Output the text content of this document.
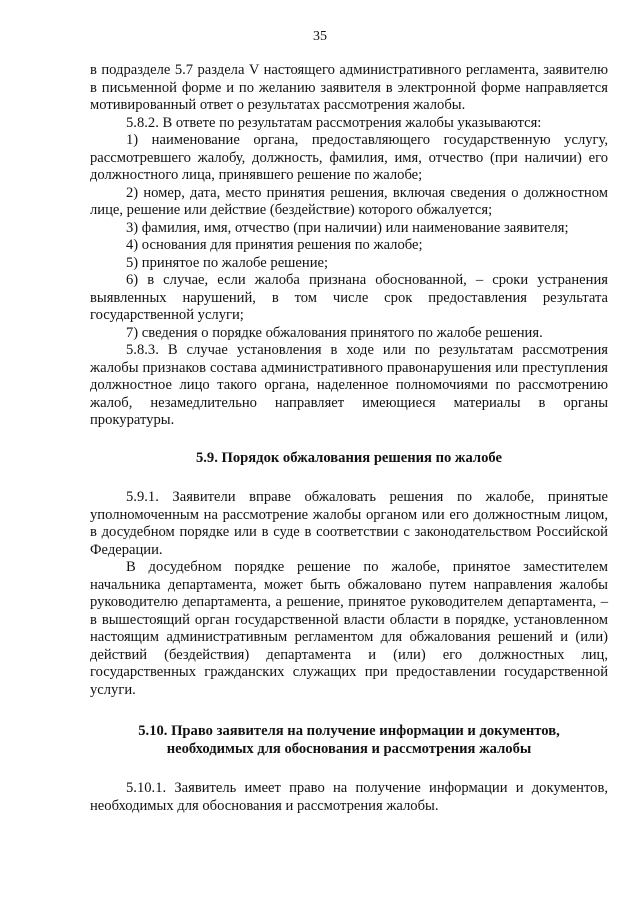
35

в подразделе 5.7 раздела V настоящего административного регламента, заявителю в письменной форме и по желанию заявителя в электронной форме направляется мотивированный ответ о результатах рассмотрения жалобы.

5.8.2. В ответе по результатам рассмотрения жалобы указываются:

1) наименование органа, предоставляющего государственную услугу, рассмотревшего жалобу, должность, фамилия, имя, отчество (при наличии) его должностного лица, принявшего решение по жалобе;

2) номер, дата, место принятия решения, включая сведения о должностном лице, решение или действие (бездействие) которого обжалуется;

3) фамилия, имя, отчество (при наличии) или наименование заявителя;

4) основания для принятия решения по жалобе;

5) принятое по жалобе решение;

6) в случае, если жалоба признана обоснованной, – сроки устранения выявленных нарушений, в том числе срок предоставления результата государственной услуги;

7) сведения о порядке обжалования принятого по жалобе решения.

5.8.3. В случае установления в ходе или по результатам рассмотрения жалобы признаков состава административного правонарушения или преступления должностное лицо такого органа, наделенное полномочиями по рассмотрению жалоб, незамедлительно направляет имеющиеся материалы в органы прокуратуры.

5.9. Порядок обжалования решения по жалобе

5.9.1. Заявители вправе обжаловать решения по жалобе, принятые уполномоченным на рассмотрение жалобы органом или его должностным лицом, в досудебном порядке или в суде в соответствии с законодательством Российской Федерации.

В досудебном порядке решение по жалобе, принятое заместителем начальника департамента, может быть обжаловано путем направления жалобы руководителю департамента, а решение, принятое руководителем департамента, – в вышестоящий орган государственной власти области в порядке, установленном настоящим административным регламентом для обжалования решений и (или) действий (бездействия) департамента и (или) его должностных лиц, государственных гражданских служащих при предоставлении государственной услуги.

5.10. Право заявителя на получение информации и документов,
необходимых для обоснования и рассмотрения жалобы

5.10.1. Заявитель имеет право на получение информации и документов, необходимых для обоснования и рассмотрения жалобы.
